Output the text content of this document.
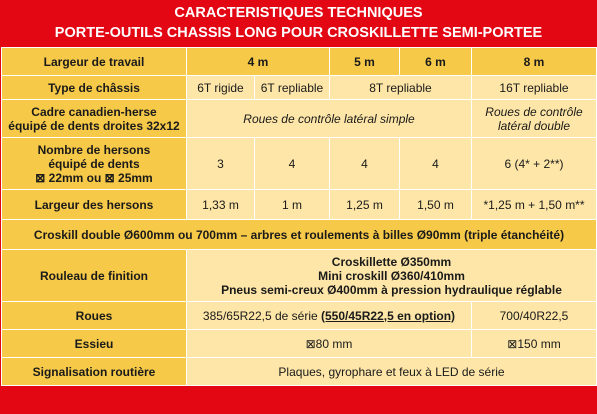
CARACTERISTIQUES TECHNIQUES
PORTE-OUTILS CHASSIS LONG POUR CROSKILLETTE SEMI-PORTEE
Largeur de travail	4 m		5 m	6 m	8 m
Type de châssis	6T rigide	6T repliable	8T repliable		16T repliable

Cadre canadien-herse
équipé de dents droites 32x12	Roues de contrôle latéral simple				Roues de contrôle
latéral double

Nombre de hersons
équipé de dents
⊠ 22mm ou ⊠ 25mm	3	4	4	4	6 (4* + 2**)
Largeur des hersons	1,33 m	1 m	1,25 m	1,50 m	*1,25 m + 1,50 m**
Croskill double Ø600mm ou 700mm – arbres et roulements à billes Ø90mm (triple étanchéité)					
Rouleau de finition	Croskillette Ø350mm
Mini croskill Ø360/410mm
Pneus semi-creux Ø400mm à pression hydraulique réglable				

Roues	385/65R22,5 de série (550/45R22,5 en option)				700/40R22,5
Essieu	⊠80 mm				⊠150 mm
Signalisation routière	Plaques, gyrophare et feux à LED de série				
